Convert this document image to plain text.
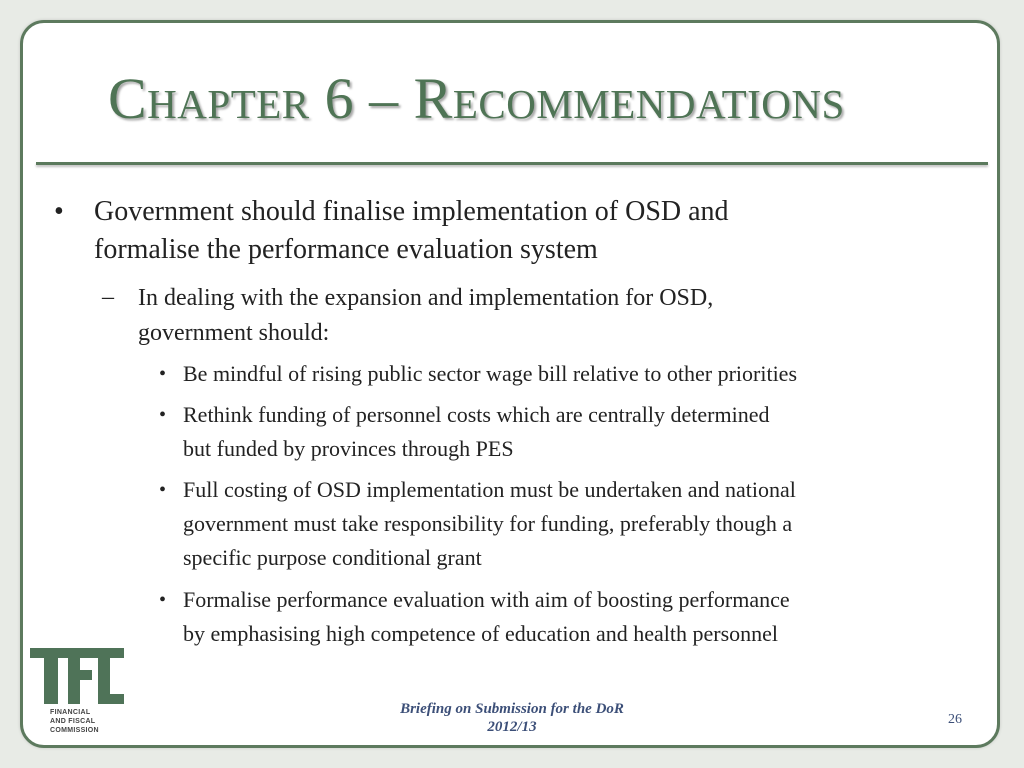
Chapter 6 – Recommendations
• Government should finalise implementation of OSD and
formalise the performance evaluation system
– In dealing with the expansion and implementation for OSD,
government should:
• Be mindful of rising public sector wage bill relative to other priorities
• Rethink funding of personnel costs which are centrally determined
but funded by provinces through PES
• Full costing of OSD implementation must be undertaken and national
government must take responsibility for funding, preferably though a
specific purpose conditional grant
• Formalise performance evaluation with aim of boosting performance
by emphasising high competence of education and health personnel
FINANCIAL
AND FISCAL
COMMISSION
Briefing on Submission for the DoR
2012/13	26
